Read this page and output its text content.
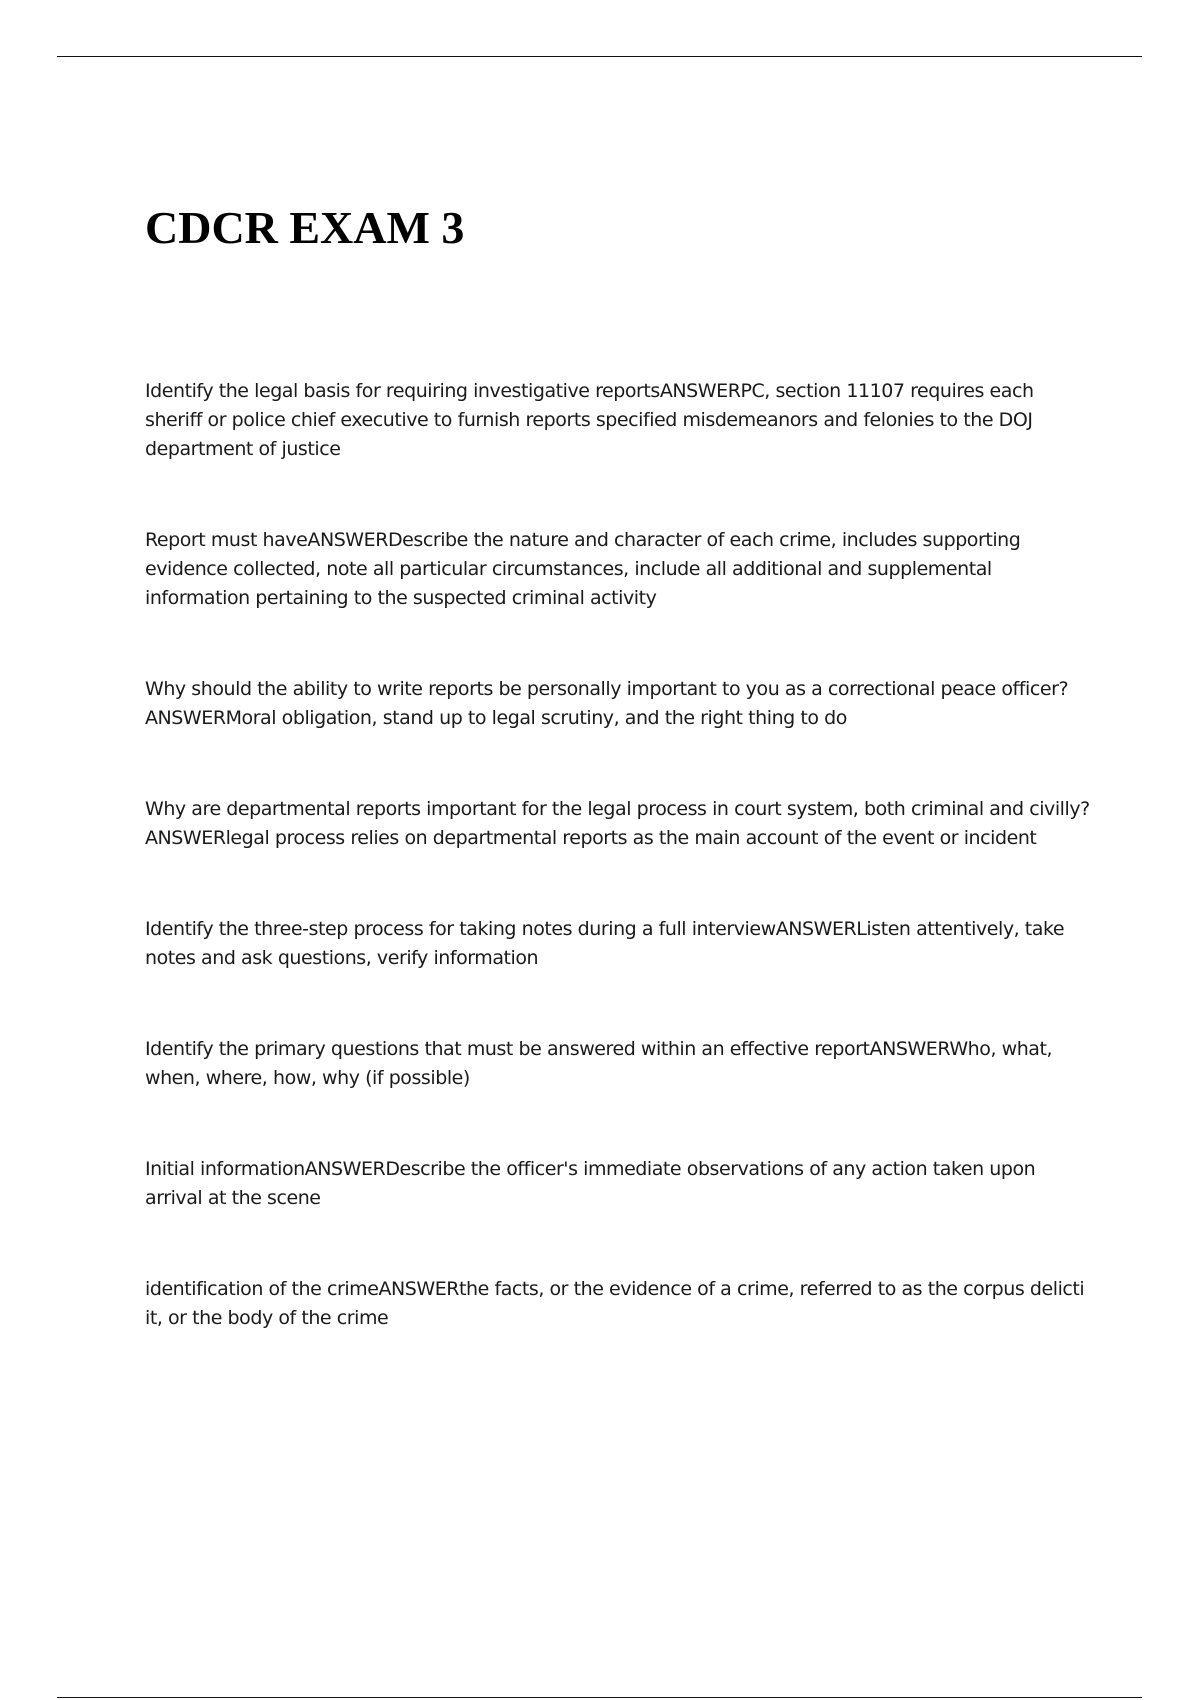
CDCR EXAM 3

Identify the legal basis for requiring investigative reportsANSWERPC, section 11107 requires each sheriff or police chief executive to furnish reports specified misdemeanors and felonies to the DOJ department of justice

Report must haveANSWERDescribe the nature and character of each crime, includes supporting evidence collected, note all particular circumstances, include all additional and supplemental information pertaining to the suspected criminal activity

Why should the ability to write reports be personally important to you as a correctional peace officer?ANSWERMoral obligation, stand up to legal scrutiny, and the right thing to do

Why are departmental reports important for the legal process in court system, both criminal and civilly?ANSWERlegal process relies on departmental reports as the main account of the event or incident

Identify the three-step process for taking notes during a full interviewANSWERListen attentively, take notes and ask questions, verify information

Identify the primary questions that must be answered within an effective reportANSWERWho, what, when, where, how, why (if possible)

Initial informationANSWERDescribe the officer's immediate observations of any action taken upon arrival at the scene

identification of the crimeANSWERthe facts, or the evidence of a crime, referred to as the corpus delicti it, or the body of the crime
